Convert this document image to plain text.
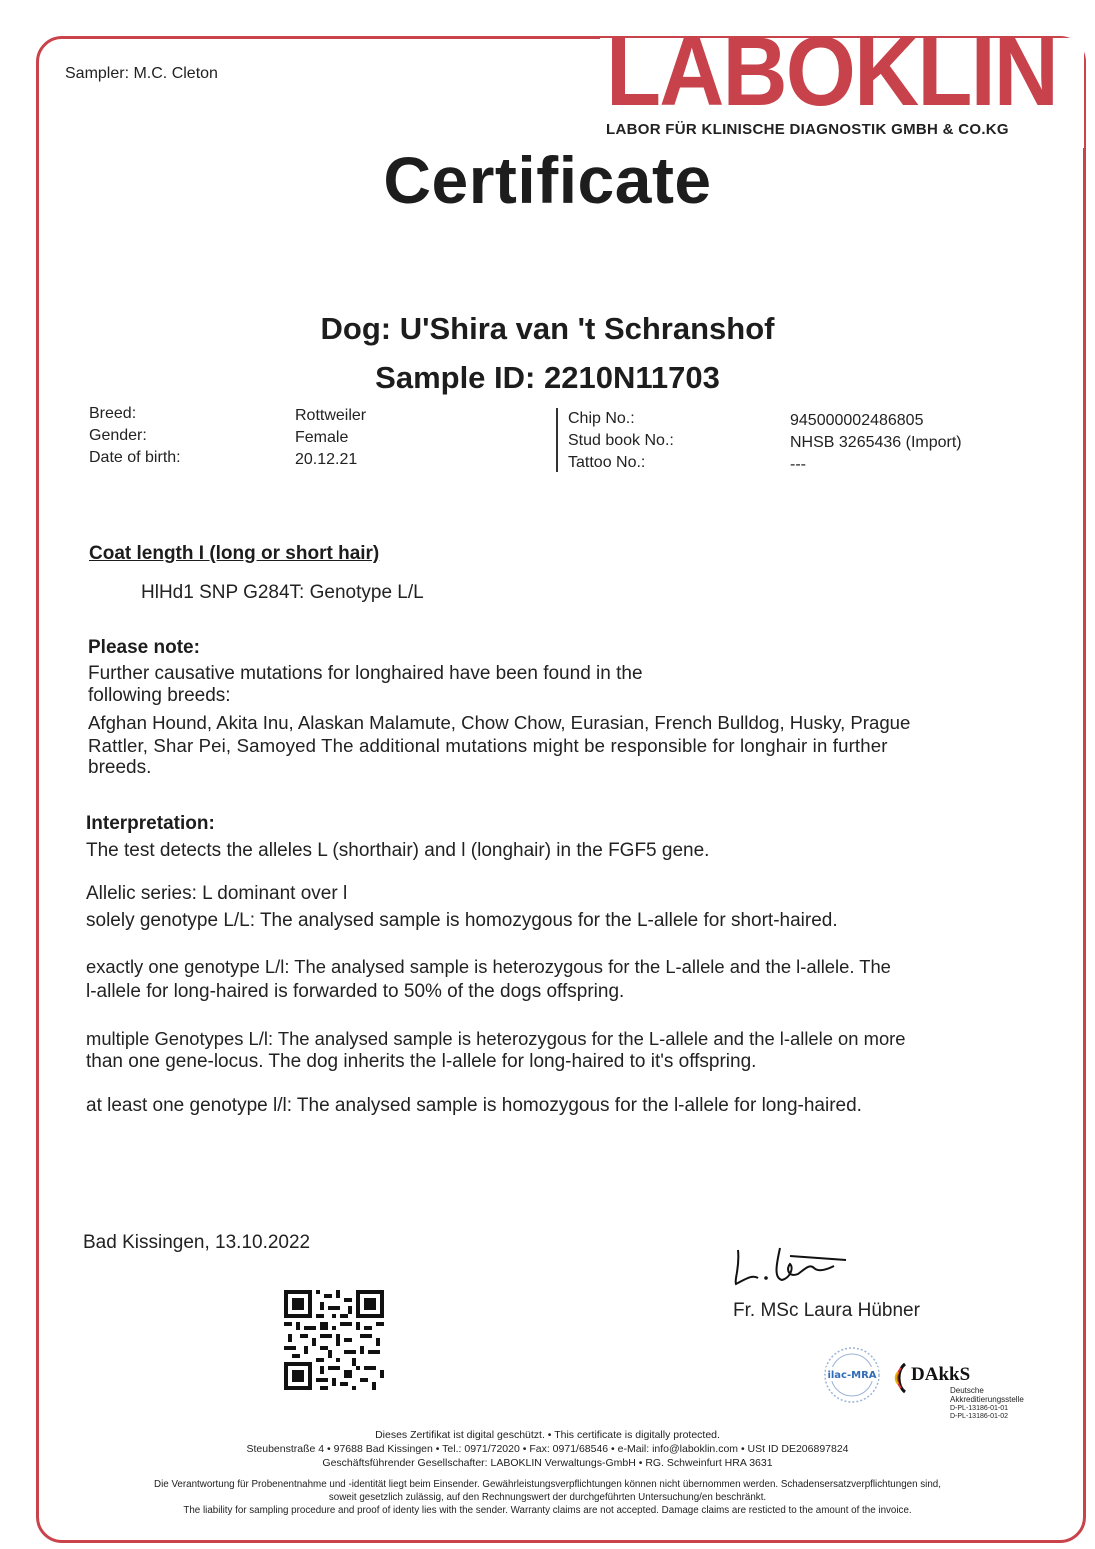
Sampler: M.C. Cleton	LABOKLIN
LABOR FÜR KLINISCHE DIAGNOSTIK GMBH & CO.KG
Certificate
Dog: U'Shira van 't Schranshof
Sample ID: 2210N11703
Breed:
Gender:
Date of birth:
Rottweiler
Female
20.12.21
Chip No.:
Stud book No.:
Tattoo No.:
945000002486805
NHSB 3265436 (Import)
---
Coat length I (long or short hair)
HlHd1 SNP G284T: Genotype L/L
Please note:
Further causative mutations for longhaired have been found in the
following breeds:
Afghan Hound, Akita Inu, Alaskan Malamute, Chow Chow, Eurasian, French Bulldog, Husky, Prague
Rattler, Shar Pei, Samoyed The additional mutations might be responsible for longhair in further
breeds.
Interpretation:
The test detects the alleles L (shorthair) and l (longhair) in the FGF5 gene.
Allelic series: L dominant over l
solely genotype L/L: The analysed sample is homozygous for the L-allele for short-haired.
exactly one genotype L/l: The analysed sample is heterozygous for the L-allele and the l-allele. The
l-allele for long-haired is forwarded to 50% of the dogs offspring.
multiple Genotypes L/l: The analysed sample is heterozygous for the L-allele and the l-allele on more
than one gene-locus. The dog inherits the l-allele for long-haired to it's offspring.
at least one genotype l/l: The analysed sample is homozygous for the l-allele for long-haired.
Bad Kissingen, 13.10.2022
Fr. MSc Laura Hübner
ilac-MRA DAkkS
Deutsche
Akkreditierungsstelle
D-PL-13186-01-01
D-PL-13186-01-02
Dieses Zertifikat ist digital geschützt. • This certificate is digitally protected.
Steubenstraße 4 • 97688 Bad Kissingen • Tel.: 0971/72020 • Fax: 0971/68546 • e-Mail: info@laboklin.com • USt ID DE206897824
Geschäftsführender Gesellschafter: LABOKLIN Verwaltungs-GmbH • RG. Schweinfurt HRA 3631
Die Verantwortung für Probenentnahme und -identität liegt beim Einsender. Gewährleistungsverpflichtungen können nicht übernommen werden. Schadensersatzverpflichtungen sind,
soweit gesetzlich zulässig, auf den Rechnungswert der durchgeführten Untersuchung/en beschränkt.
The liability for sampling procedure and proof of identy lies with the sender. Warranty claims are not accepted. Damage claims are resticted to the amount of the invoice.
